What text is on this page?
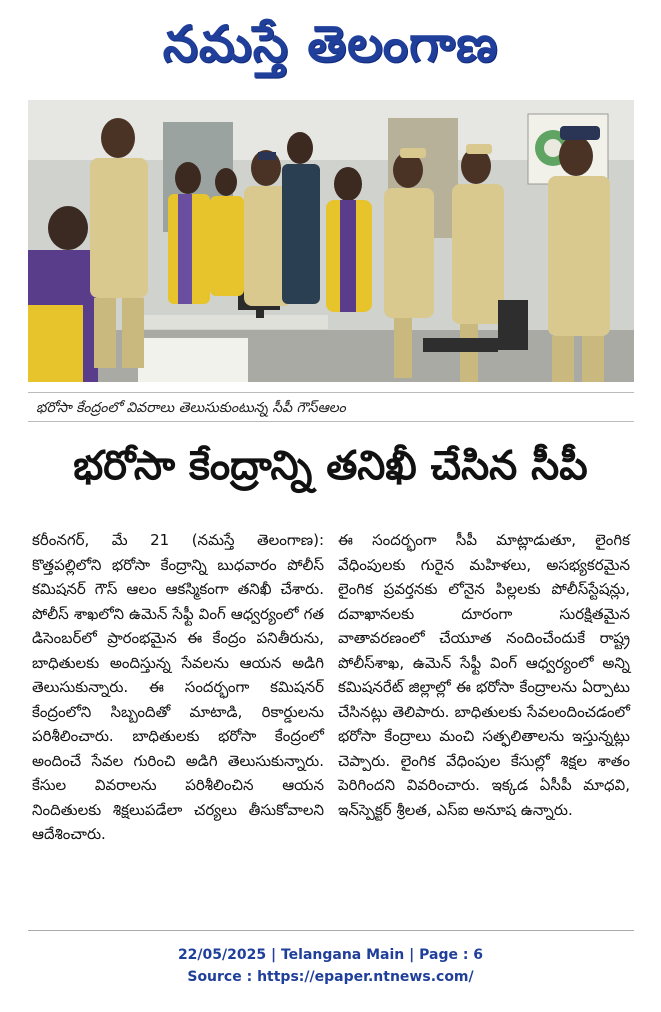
నమస్తే తెలంగాణ
భరోసా కేంద్రంలో వివరాలు తెలుసుకుంటున్న సీపీ గౌస్‌ఆలం
భరోసా కేంద్రాన్ని తనిఖీ చేసిన సీపీ

కరీంనగర్, మే 21 (నమస్తే తెలంగాణ): కొత్తపల్లిలోని భరోసా కేంద్రాన్ని బుధవారం పోలీస్ కమిషనర్ గౌస్ ఆలం ఆకస్మికంగా తనిఖీ చేశారు. పోలీస్ శాఖలోని ఉమెన్ సేఫ్టీ వింగ్ ఆధ్వర్యంలో గత డిసెంబర్‌లో ప్రారంభమైన ఈ కేంద్రం పనితీరును, బాధితులకు అందిస్తున్న సేవలను ఆయన అడిగి తెలుసుకున్నారు. ఈ సందర్భంగా కమిషనర్ కేంద్రంలోని సిబ్బందితో మాటాడి, రికార్డులను పరిశీలించారు. బాధితులకు భరోసా కేంద్రంలో అందించే సేవల గురించి అడిగి తెలుసుకున్నారు. కేసుల వివరాలను పరిశీలించిన ఆయన నిందితులకు శిక్షలుపడేలా చర్యలు తీసుకోవాలని ఆదేశించారు.

ఈ సందర్భంగా సీపీ మాట్లాడుతూ, లైంగిక వేధింపులకు గురైన మహిళలు, అసభ్యకరమైన లైంగిక ప్రవర్తనకు లోనైన పిల్లలకు పోలీస్‌స్టేషన్లు, దవాఖానలకు దూరంగా సురక్షితమైన వాతావరణంలో చేయూత నందించేందుకే రాష్ట్ర పోలీస్‌శాఖ, ఉమెన్ సేఫ్టీ వింగ్ ఆధ్వర్యంలో అన్ని కమిషనరేట్ జిల్లాల్లో ఈ భరోసా కేంద్రాలను ఏర్పాటు చేసినట్లు తెలిపారు. బాధితులకు సేవలందించడంలో భరోసా కేంద్రాలు మంచి సత్ఫలితాలను ఇస్తున్నట్లు చెప్పారు. లైంగిక వేధింపుల కేసుల్లో శిక్షల శాతం పెరిగిందని వివరించారు. ఇక్కడ ఏసీపీ మాధవి, ఇన్‌స్పెక్టర్ శ్రీలత, ఎస్‌ఐ అనూష ఉన్నారు.

22/05/2025 | Telangana Main | Page : 6
Source : https://epaper.ntnews.com/
